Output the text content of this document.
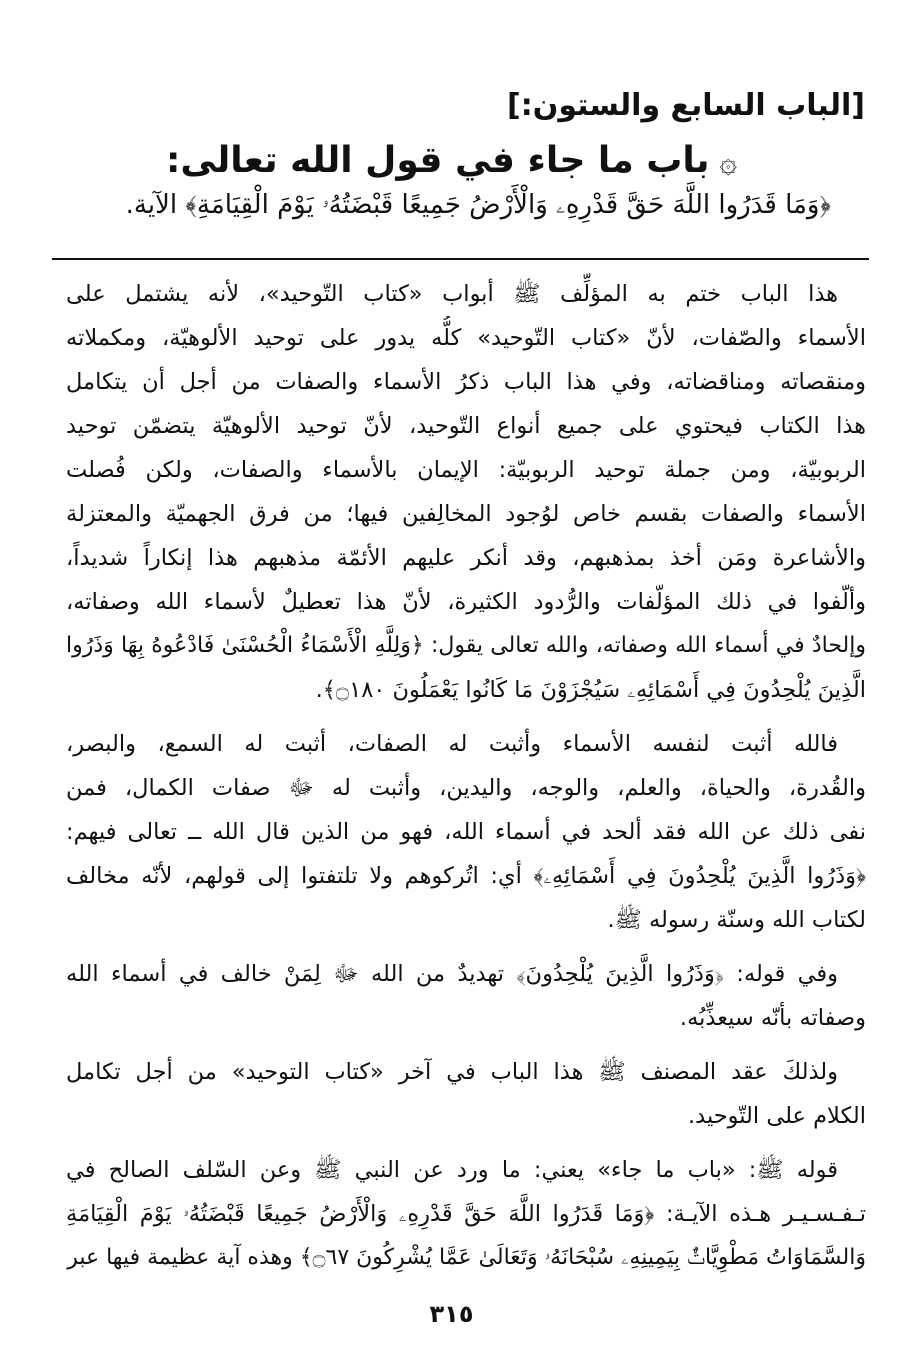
[الباب السابع والستون:]
۞باب ما جاء في قول الله تعالى:
﴿وَمَا قَدَرُوا اللَّهَ حَقَّ قَدْرِهِۦ وَالْأَرْضُ جَمِيعًا قَبْضَتُهُۥ يَوْمَ الْقِيَامَةِ﴾ الآية.
هذا الباب ختم به المؤلِّف ﷺ أبواب «كتاب التّوحيد»، لأنه يشتمل على
الأسماء والصّفات، لأنّ «كتاب التّوحيد» كلُّه يدور على توحيد الألوهيّة، ومكملاته
ومنقصاته ومناقضاته، وفي هذا الباب ذكرُ الأسماء والصفات من أجل أن يتكامل
هذا الكتاب فيحتوي على جميع أنواع التّوحيد، لأنّ توحيد الألوهيّة يتضمّن توحيد
الربوبيّة، ومن جملة توحيد الربوبيّة: الإيمان بالأسماء والصفات، ولكن فُصلت
الأسماء والصفات بقسم خاص لوُجود المخالِفين فيها؛ من فرق الجهميّة والمعتزلة
والأشاعرة ومَن أخذ بمذهبهم، وقد أنكر عليهم الأئمّة مذهبهم هذا إنكاراً شديداً،
وألّفوا في ذلك المؤلّفات والرُّدود الكثيرة، لأنّ هذا تعطيلٌ لأسماء الله وصفاته،
وإلحادٌ في أسماء الله وصفاته، والله تعالى يقول: ﴿وَلِلَّهِ الْأَسْمَاءُ الْحُسْنَىٰ فَادْعُوهُ بِهَا وَذَرُوا
الَّذِينَ يُلْحِدُونَ فِي أَسْمَائِهِۦ سَيُجْزَوْنَ مَا كَانُوا يَعْمَلُونَ ۝١٨٠﴾.
فالله أثبت لنفسه الأسماء وأثبت له الصفات، أثبت له السمع، والبصر،
والقُدرة، والحياة، والعلم، والوجه، واليدين، وأثبت له ﷻ صفات الكمال، فمن
نفى ذلك عن الله فقد ألحد في أسماء الله، فهو من الذين قال الله ــ تعالى فيهم:
﴿وَذَرُوا الَّذِينَ يُلْحِدُونَ فِي أَسْمَائِهِۦ﴾ أي: اتُركوهم ولا تلتفتوا إلى قولهم، لأنّه مخالف
لكتاب الله وسنّة رسوله ﷺ.
وفي قوله: ﴿وَذَرُوا الَّذِينَ يُلْحِدُونَ﴾ تهديدٌ من الله ﷻ لِمَنْ خالف في أسماء الله
وصفاته بأنّه سيعذِّبُه.
ولذلكَ عقد المصنف ﷺ هذا الباب في آخر «كتاب التوحيد» من أجل تكامل
الكلام على التّوحيد.
قوله ﷺ: «باب ما جاء» يعني: ما ورد عن النبي ﷺ وعن السّلف الصالح في
تـفـسـيـر هـذه الآيـة: ﴿وَمَا قَدَرُوا اللَّهَ حَقَّ قَدْرِهِۦ وَالْأَرْضُ جَمِيعًا قَبْضَتُهُۥ يَوْمَ الْقِيَامَةِ
وَالسَّمَاوَاتُ مَطْوِيَّاتٌۢ بِيَمِينِهِۦ سُبْحَانَهُۥ وَتَعَالَىٰ عَمَّا يُشْرِكُونَ ۝٦٧﴾ وهذه آية عظيمة فيها عبر
٣١٥
